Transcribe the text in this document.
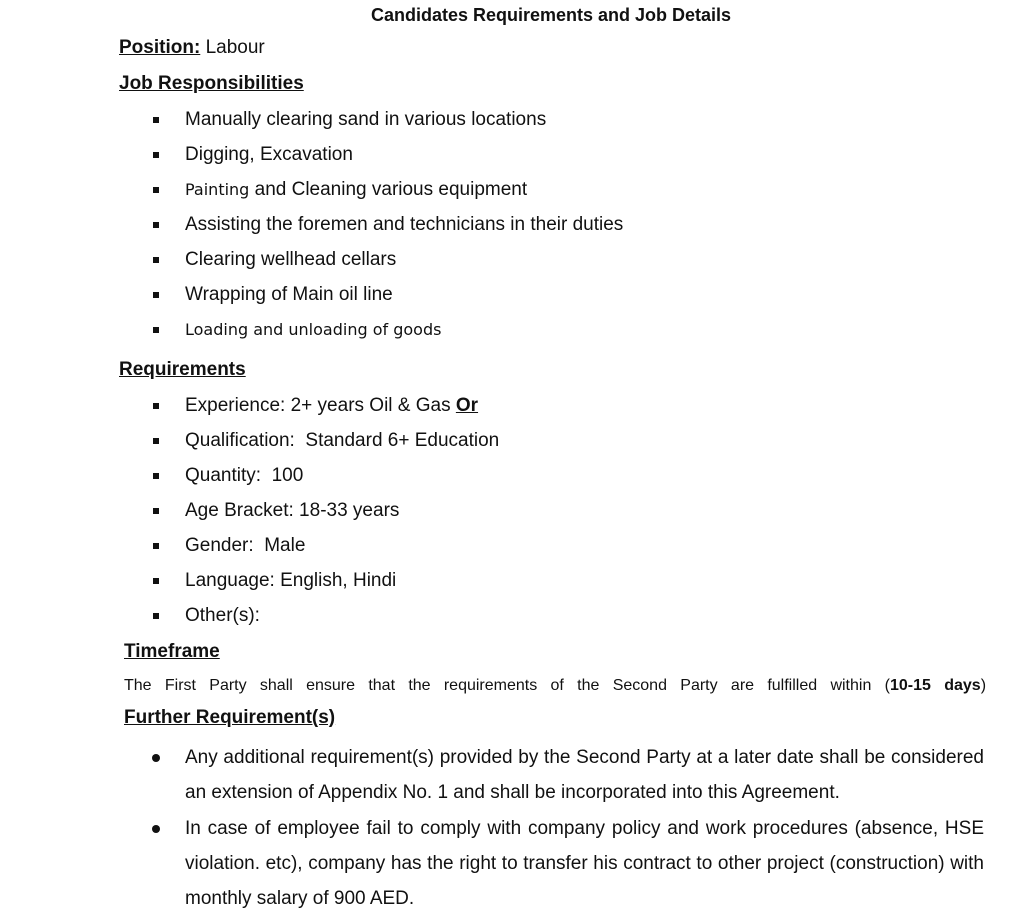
Candidates Requirements and Job Details
Position: Labour
Job Responsibilities
Manually clearing sand in various locations
Digging, Excavation
Painting and Cleaning various equipment
Assisting the foremen and technicians in their duties
Clearing wellhead cellars
Wrapping of Main oil line
Loading and unloading of goods
Requirements
Experience: 2+ years Oil & Gas Or
Qualification:  Standard 6+ Education
Quantity:  100
Age Bracket: 18-33 years
Gender:  Male
Language: English, Hindi
Other(s):
Timeframe
The First Party shall ensure that the requirements of the Second Party are fulfilled within (10-15 days)
Further Requirement(s)
Any additional requirement(s) provided by the Second Party at a later date shall be considered an extension of Appendix No. 1 and shall be incorporated into this Agreement.
In case of employee fail to comply with company policy and work procedures (absence, HSE violation. etc), company has the right to transfer his contract to other project (construction) with monthly salary of 900 AED.
